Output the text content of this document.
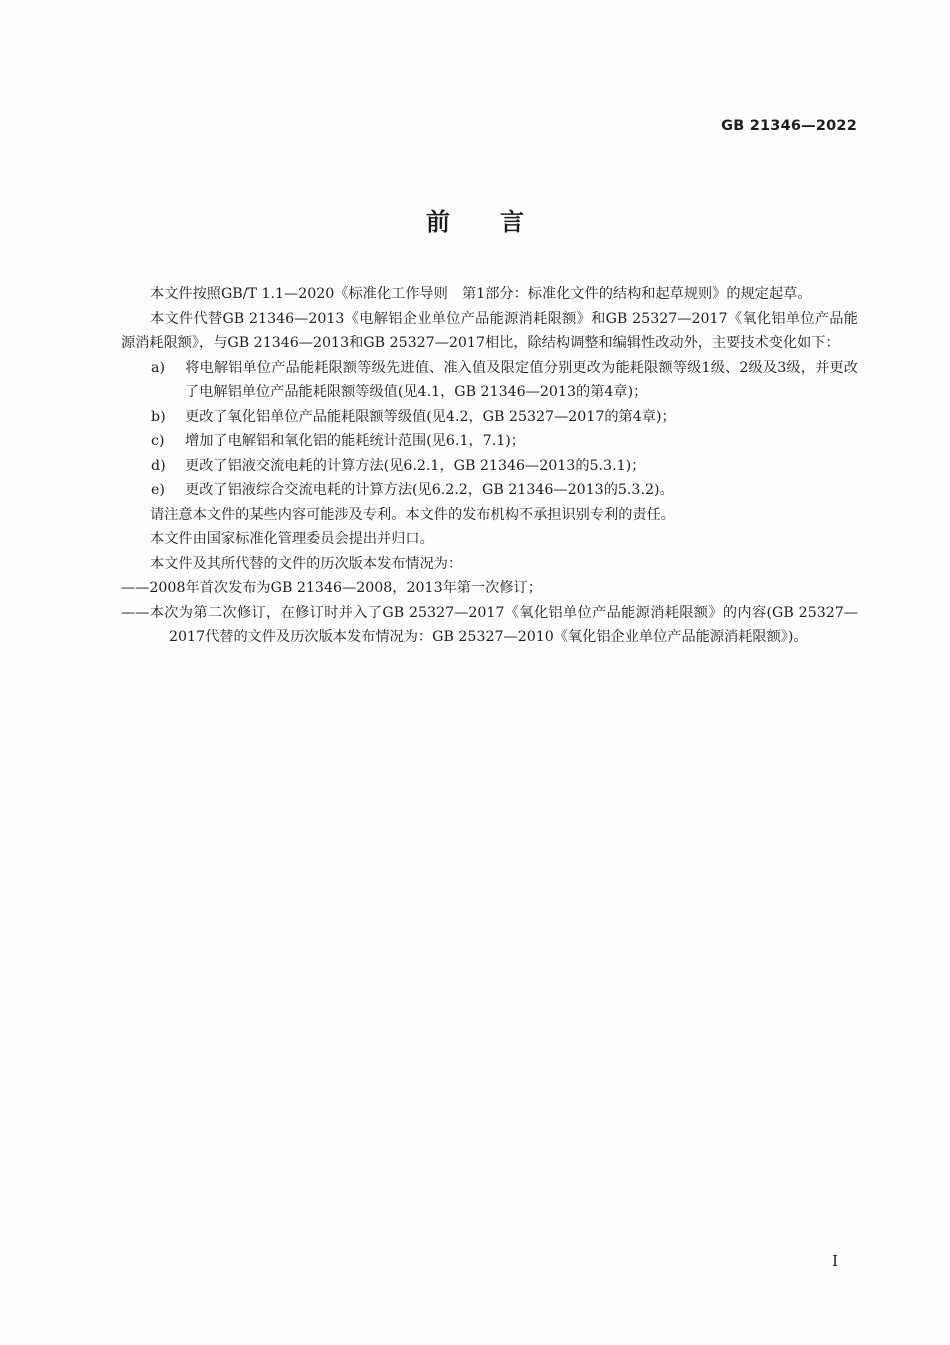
GB 21346—2022
前 言

本文件按照GB/T 1.1—2020《标准化工作导则　第1部分：标准化文件的结构和起草规则》的规定起草。

本文件代替GB 21346—2013《电解铝企业单位产品能源消耗限额》和GB 25327—2017《氧化铝单位产品能源消耗限额》，与GB 21346—2013和GB 25327—2017相比，除结构调整和编辑性改动外，主要技术变化如下：

a) 将电解铝单位产品能耗限额等级先进值、准入值及限定值分别更改为能耗限额等级1级、2级及3级，并更改了电解铝单位产品能耗限额等级值(见4.1，GB 21346—2013的第4章)；

b) 更改了氧化铝单位产品能耗限额等级值(见4.2，GB 25327—2017的第4章)；

c) 增加了电解铝和氧化铝的能耗统计范围(见6.1，7.1)；

d) 更改了铝液交流电耗的计算方法(见6.2.1，GB 21346—2013的5.3.1)；

e) 更改了铝液综合交流电耗的计算方法(见6.2.2，GB 21346—2013的5.3.2)。

请注意本文件的某些内容可能涉及专利。本文件的发布机构不承担识别专利的责任。

本文件由国家标准化管理委员会提出并归口。

本文件及其所代替的文件的历次版本发布情况为：

——2008年首次发布为GB 21346—2008，2013年第一次修订；

——本次为第二次修订，在修订时并入了GB 25327—2017《氧化铝单位产品能源消耗限额》的内容(GB 25327—2017代替的文件及历次版本发布情况为：GB 25327—2010《氧化铝企业单位产品能源消耗限额》)。

I
